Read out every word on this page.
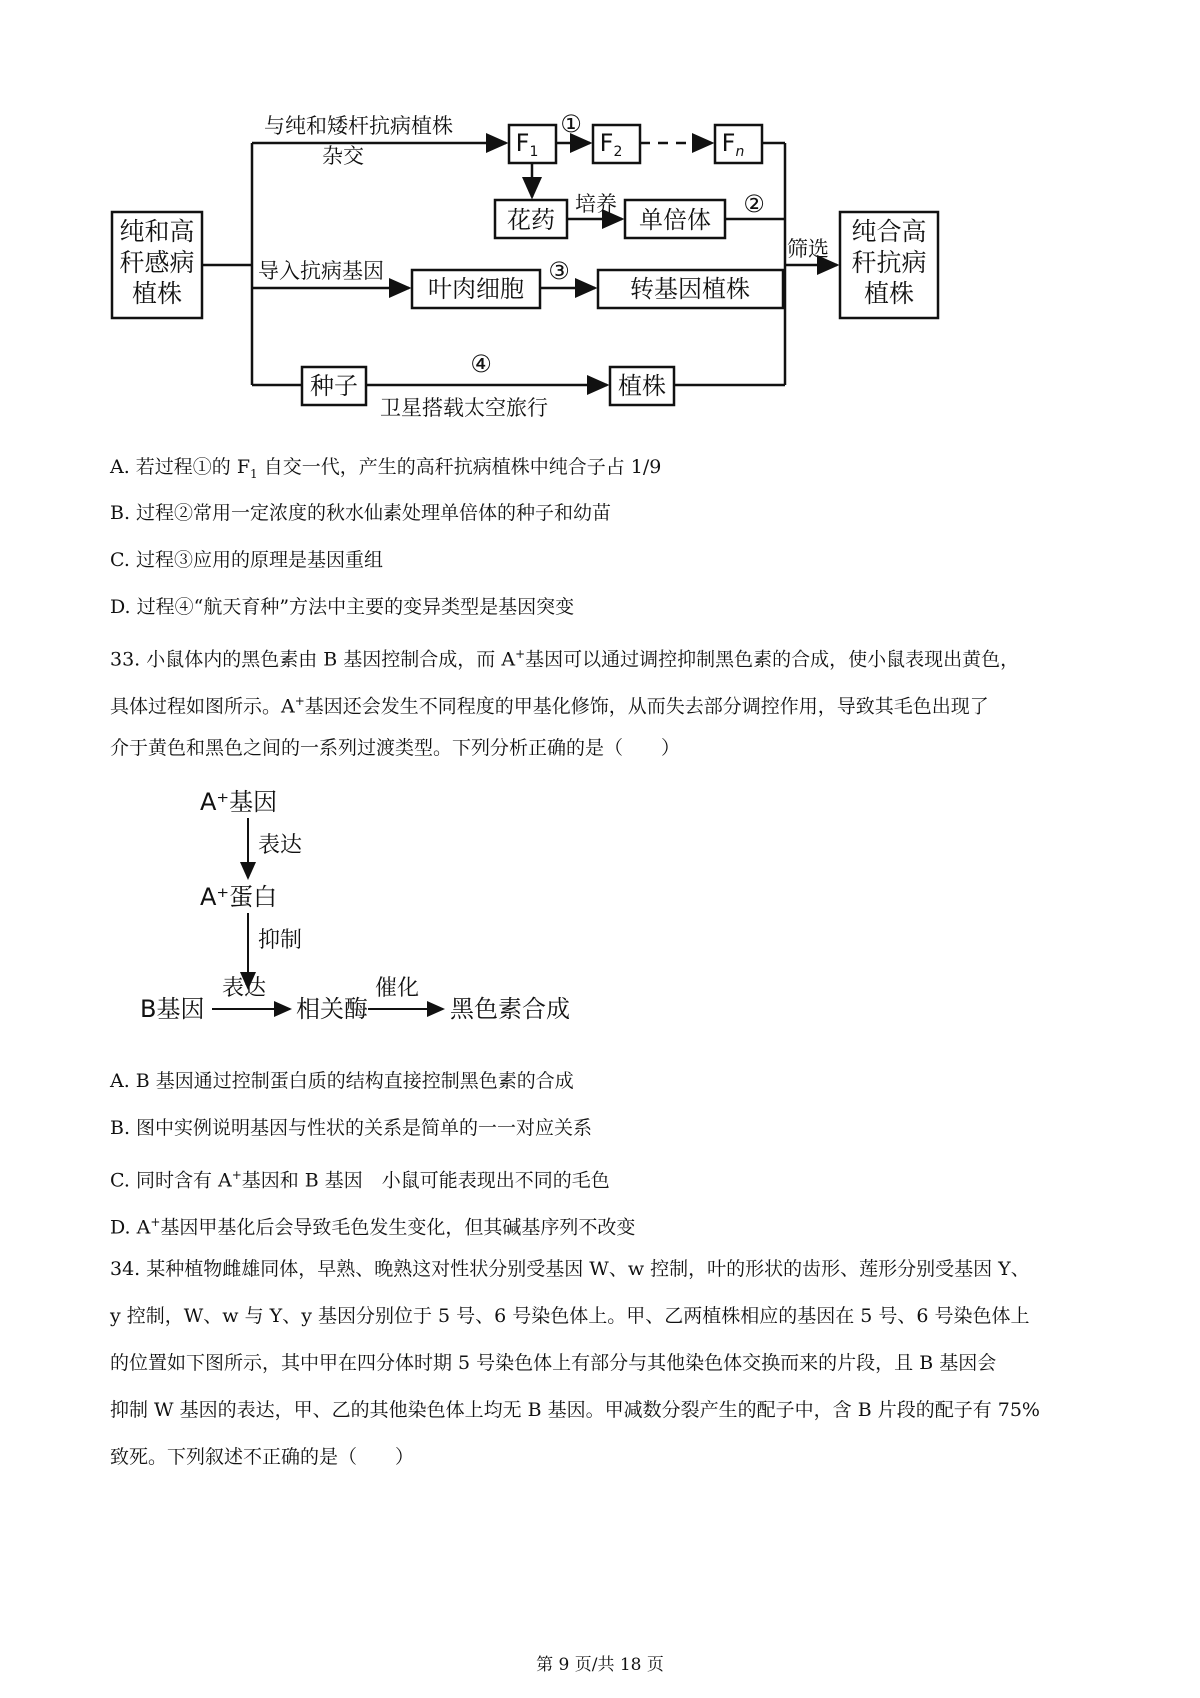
纯和高
秆感病
植株
纯合高
秆抗病
植株
与纯和矮杆抗病植株
杂交
导入抗病基因
培养
筛选
卫星搭载太空旅行
$F_1$	$F_2$	$F_n$
花药	单倍体
叶肉细胞	转基因植株
种子	植株
①
②
③
④
A. 若过程①的 $F_1$ 自交一代，产生的高秆抗病植株中纯合子占 1/9
B. 过程②常用一定浓度的秋水仙素处理单倍体的种子和幼苗
C. 过程③应用的原理是基因重组
D. 过程④“航天育种”方法中主要的变异类型是基因突变
33. 小鼠体内的黑色素由 B 基因控制合成，而 A+基因可以通过调控抑制黑色素的合成，使小鼠表现出黄色，
具体过程如图所示。A+基因还会发生不同程度的甲基化修饰，从而失去部分调控作用，导致其毛色出现了
介于黄色和黑色之间的一系列过渡类型。下列分析正确的是（　　）
A⁺基因
A⁺蛋白
B基因	相关酶	黑色素合成
表达
抑制
表达	催化
A. B 基因通过控制蛋白质的结构直接控制黑色素的合成
B. 图中实例说明基因与性状的关系是简单的一一对应关系
C. 同时含有 A+基因和 B 基因　小鼠可能表现出不同的毛色
D. A+基因甲基化后会导致毛色发生变化，但其碱基序列不改变
34. 某种植物雌雄同体，早熟、晚熟这对性状分别受基因 W、w 控制，叶的形状的齿形、莲形分别受基因 Y、
y 控制，W、w 与 Y、y 基因分别位于 5 号、6 号染色体上。甲、乙两植株相应的基因在 5 号、6 号染色体上
的位置如下图所示，其中甲在四分体时期 5 号染色体上有部分与其他染色体交换而来的片段，且 B 基因会
抑制 W 基因的表达，甲、乙的其他染色体上均无 B 基因。甲减数分裂产生的配子中，含 B 片段的配子有 75%
致死。下列叙述不正确的是（　　）
第 9 页/共 18 页
